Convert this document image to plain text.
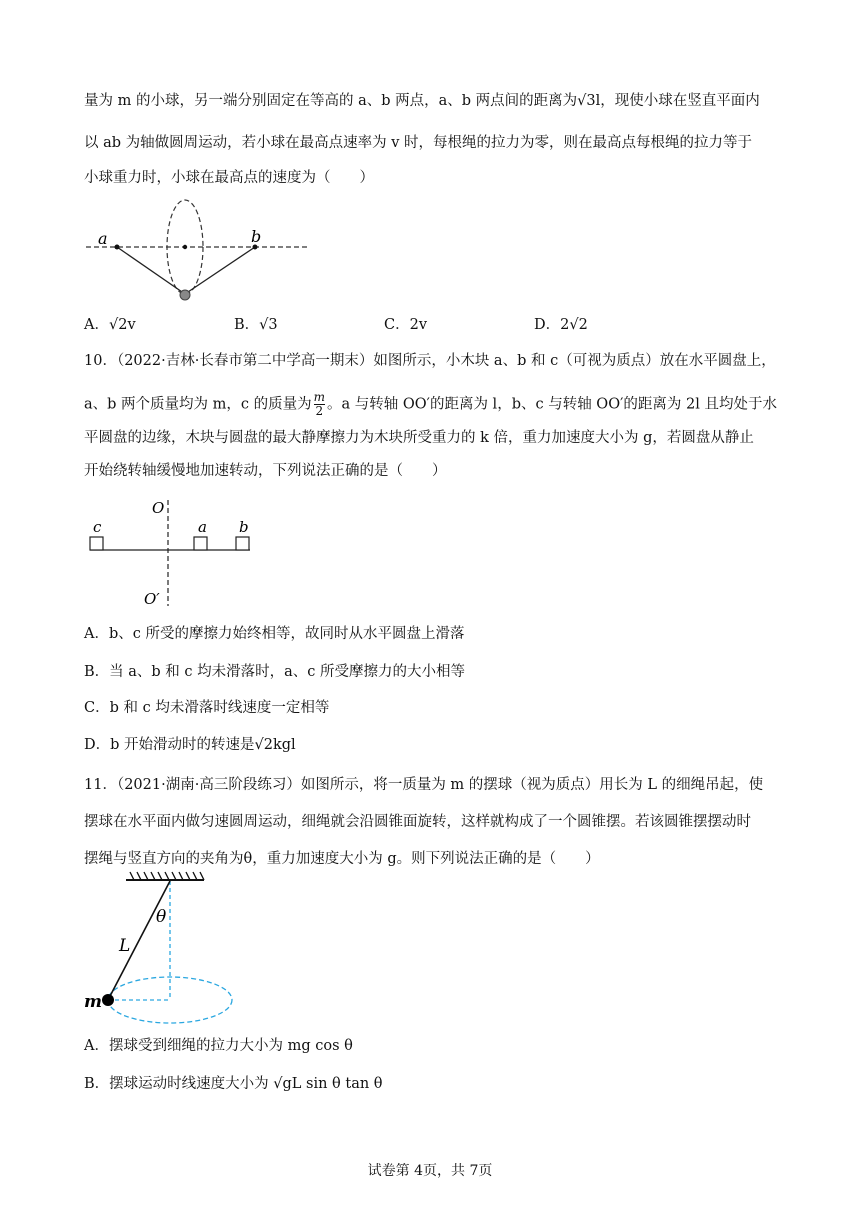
量为 m 的小球，另一端分别固定在等高的 a、b 两点，a、b 两点间的距离为√3l，现使小球在竖直平面内
以 ab 为轴做圆周运动，若小球在最高点速率为 v 时，每根绳的拉力为零，则在最高点每根绳的拉力等于
小球重力时，小球在最高点的速度为（　　）
a	b
A．√2v	B．√3	C．2v	D．2√2
10．（2022·吉林·长春市第二中学高一期末）如图所示，小木块 a、b 和 c（可视为质点）放在水平圆盘上，
a、b 两个质量均为 m，c 的质量为 $\frac{m}{2}$ 。a 与转轴 OO′的距离为 l，b、c 与转轴 OO′的距离为 2l 且均处于水
平圆盘的边缘，木块与圆盘的最大静摩擦力为木块所受重力的 k 倍，重力加速度大小为 g，若圆盘从静止
开始绕转轴缓慢地加速转动，下列说法正确的是（　　）
c
O
a b
O′
A．b、c 所受的摩擦力始终相等，故同时从水平圆盘上滑落
B．当 a、b 和 c 均未滑落时，a、c 所受摩擦力的大小相等
C．b 和 c 均未滑落时线速度一定相等
D．b 开始滑动时的转速是√2kgl
11．（2021·湖南·高三阶段练习）如图所示，将一质量为 m 的摆球（视为质点）用长为 L 的细绳吊起，使
摆球在水平面内做匀速圆周运动，细绳就会沿圆锥面旋转，这样就构成了一个圆锥摆。若该圆锥摆摆动时
摆绳与竖直方向的夹角为θ，重力加速度大小为 g。则下列说法正确的是（　　）
θ
L
m
A．摆球受到细绳的拉力大小为 mg cos θ
B．摆球运动时线速度大小为 √gL sin θ tan θ
试卷第 4页，共 7页
